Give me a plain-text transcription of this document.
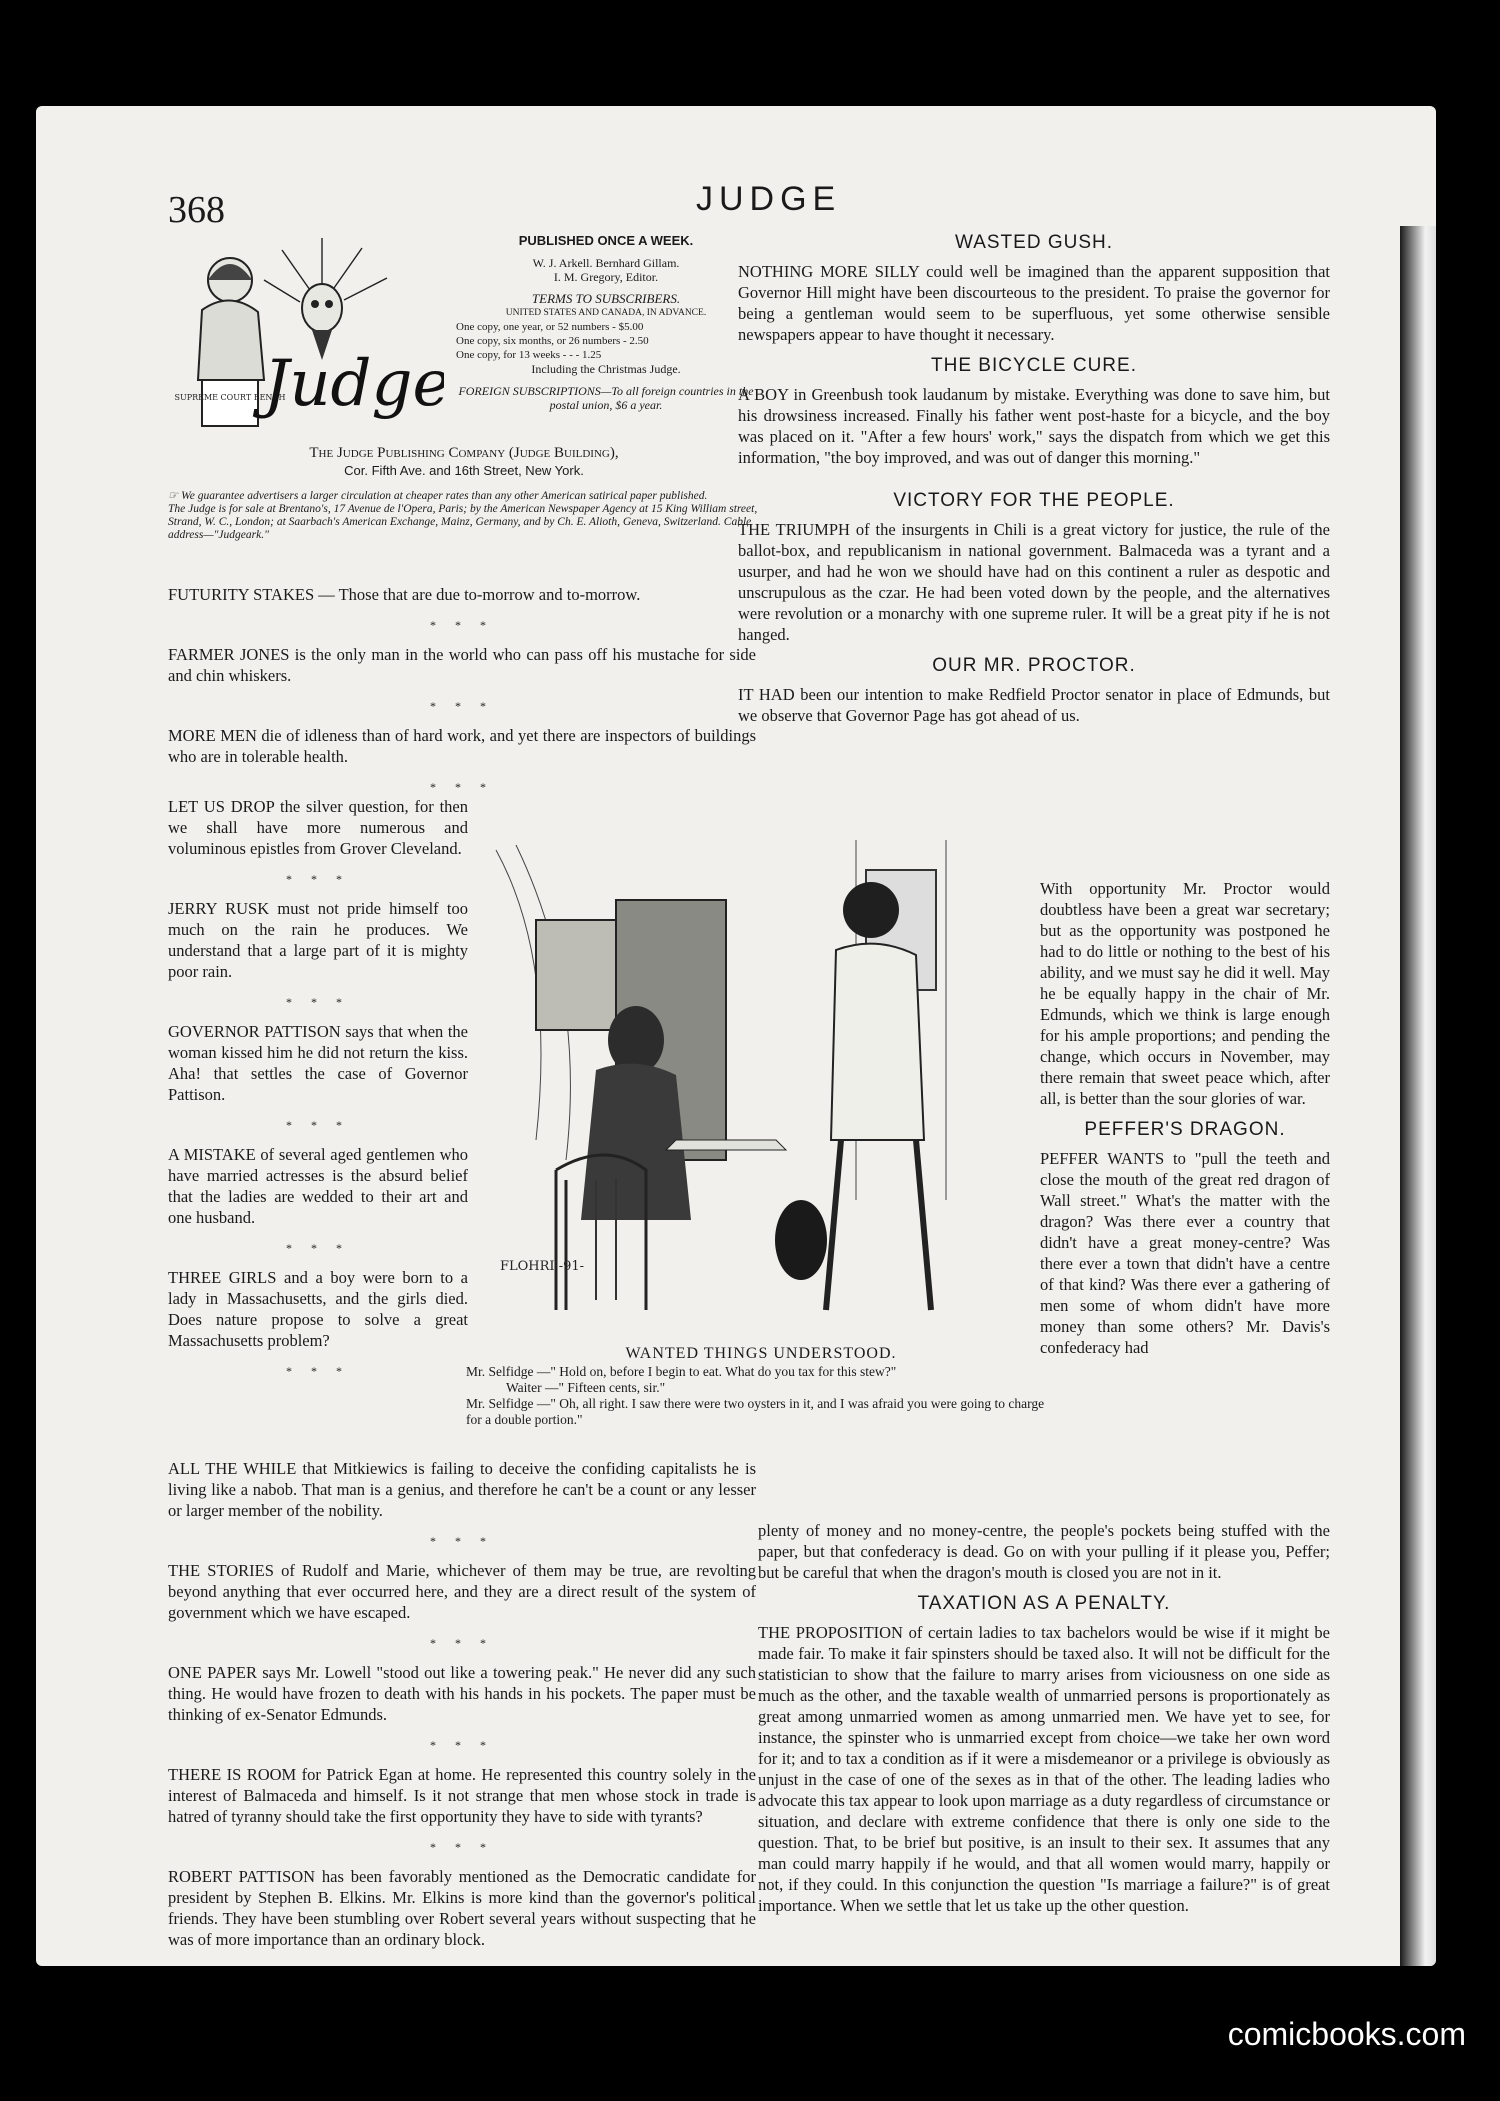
368	JUDGE
SUPREME COURT BENCH
Judge
PUBLISHED ONCE A WEEK.
W. J. Arkell. Bernhard Gillam.
I. M. Gregory, Editor.
TERMS TO SUBSCRIBERS.
UNITED STATES AND CANADA, IN ADVANCE.
One copy, one year, or 52 numbers - $5.00
One copy, six months, or 26 numbers - 2.50
One copy, for 13 weeks - - - 1.25
Including the Christmas Judge.
FOREIGN SUBSCRIPTIONS—To all foreign countries in the postal union, $6 a year.
The Judge Publishing Company (Judge Building),
Cor. Fifth Ave. and 16th Street, New York.
☞ We guarantee advertisers a larger circulation at cheaper rates than any other American satirical paper published.
The Judge is for sale at Brentano's, 17 Avenue de l'Opera, Paris; by the American Newspaper Agency at 15 King William street, Strand, W. C., London; at Saarbach's American Exchange, Mainz, Germany, and by Ch. E. Alioth, Geneva, Switzerland. Cable address—"Judgeark."

FUTURITY STAKES — Those that are due to-morrow and to-morrow.

* * *

FARMER JONES is the only man in the world who can pass off his mustache for side and chin whiskers.

* * *

MORE MEN die of idleness than of hard work, and yet there are inspectors of buildings who are in tolerable health.

* * *

LET US DROP the silver question, for then we shall have more numerous and voluminous epistles from Grover Cleveland.

* * *

JERRY RUSK must not pride himself too much on the rain he produces. We understand that a large part of it is mighty poor rain.

* * *

GOVERNOR PATTISON says that when the woman kissed him he did not return the kiss. Aha! that settles the case of Governor Pattison.

* * *

A MISTAKE of several aged gentlemen who have married actresses is the absurd belief that the ladies are wedded to their art and one husband.

* * *

THREE GIRLS and a boy were born to a lady in Massachusetts, and the girls died. Does nature propose to solve a great Massachusetts problem?

* * *

ALL THE WHILE that Mitkiewics is failing to deceive the confiding capitalists he is living like a nabob. That man is a genius, and therefore he can't be a count or any lesser or larger member of the nobility.

* * *

THE STORIES of Rudolf and Marie, whichever of them may be true, are revolting beyond anything that ever occurred here, and they are a direct result of the system of government which we have escaped.

* * *

ONE PAPER says Mr. Lowell "stood out like a towering peak." He never did any such thing. He would have frozen to death with his hands in his pockets. The paper must be thinking of ex-Senator Edmunds.

* * *

THERE IS ROOM for Patrick Egan at home. He represented this country solely in the interest of Balmaceda and himself. Is it not strange that men whose stock in trade is hatred of tyranny should take the first opportunity they have to side with tyrants?

* * *

ROBERT PATTISON has been favorably mentioned as the Democratic candidate for president by Stephen B. Elkins. Mr. Elkins is more kind than the governor's political friends. They have been stumbling over Robert several years without suspecting that he was of more importance than an ordinary block.

WASTED GUSH.

NOTHING MORE SILLY could well be imagined than the apparent supposition that Governor Hill might have been discourteous to the president. To praise the governor for being a gentleman would seem to be superfluous, yet some otherwise sensible newspapers appear to have thought it necessary.

THE BICYCLE CURE.

A BOY in Greenbush took laudanum by mistake. Everything was done to save him, but his drowsiness increased. Finally his father went post-haste for a bicycle, and the boy was placed on it. "After a few hours' work," says the dispatch from which we get this information, "the boy improved, and was out of danger this morning."

VICTORY FOR THE PEOPLE.

THE TRIUMPH of the insurgents in Chili is a great victory for justice, the rule of the ballot-box, and republicanism in national government. Balmaceda was a tyrant and a usurper, and had he won we should have had on this continent a ruler as despotic and unscrupulous as the czar. He had been voted down by the people, and the alternatives were revolution or a monarchy with one supreme ruler. It will be a great pity if he is not hanged.

OUR MR. PROCTOR.

IT HAD been our intention to make Redfield Proctor senator in place of Edmunds, but we observe that Governor Page has got ahead of us.

With opportunity Mr. Proctor would doubtless have been a great war secretary; but as the opportunity was postponed he had to do little or nothing to the best of his ability, and we must say he did it well. May he be equally happy in the chair of Mr. Edmunds, which we think is large enough for his ample proportions; and pending the change, which occurs in November, may there remain that sweet peace which, after all, is better than the sour glories of war.

PEFFER'S DRAGON.

PEFFER WANTS to "pull the teeth and close the mouth of the great red dragon of Wall street." What's the matter with the dragon? Was there ever a country that didn't have a great money-centre? Was there ever a town that didn't have a centre of that kind? Was there ever a gathering of men some of whom didn't have more money than some others? Mr. Davis's confederacy had

plenty of money and no money-centre, the people's pockets being stuffed with the paper, but that confederacy is dead. Go on with your pulling if it please you, Peffer; but be careful that when the dragon's mouth is closed you are not in it.

TAXATION AS A PENALTY.

THE PROPOSITION of certain ladies to tax bachelors would be wise if it might be made fair. To make it fair spinsters should be taxed also. It will not be difficult for the statistician to show that the failure to marry arises from viciousness on one side as much as the other, and the taxable wealth of unmarried persons is proportionately as great among unmarried women as among unmarried men. We have yet to see, for instance, the spinster who is unmarried except from choice—we take her own word for it; and to tax a condition as if it were a misdemeanor or a privilege is obviously as unjust in the case of one of the sexes as in that of the other. The leading ladies who advocate this tax appear to look upon marriage as a duty regardless of circumstance or situation, and declare with extreme confidence that there is only one side to the question. That, to be brief but positive, is an insult to their sex. It assumes that any man could marry happily if he would, and that all women would marry, happily or not, if they could. In this conjunction the question "Is marriage a failure?" is of great importance. When we settle that let us take up the other question.

FLOHRI -91-
WANTED THINGS UNDERSTOOD.
Mr. Selfidge —" Hold on, before I begin to eat. What do you tax for this stew?"
Waiter —" Fifteen cents, sir."
Mr. Selfidge —" Oh, all right. I saw there were two oysters in it, and I was afraid you were going to charge for a double portion."
comicbooks.com
